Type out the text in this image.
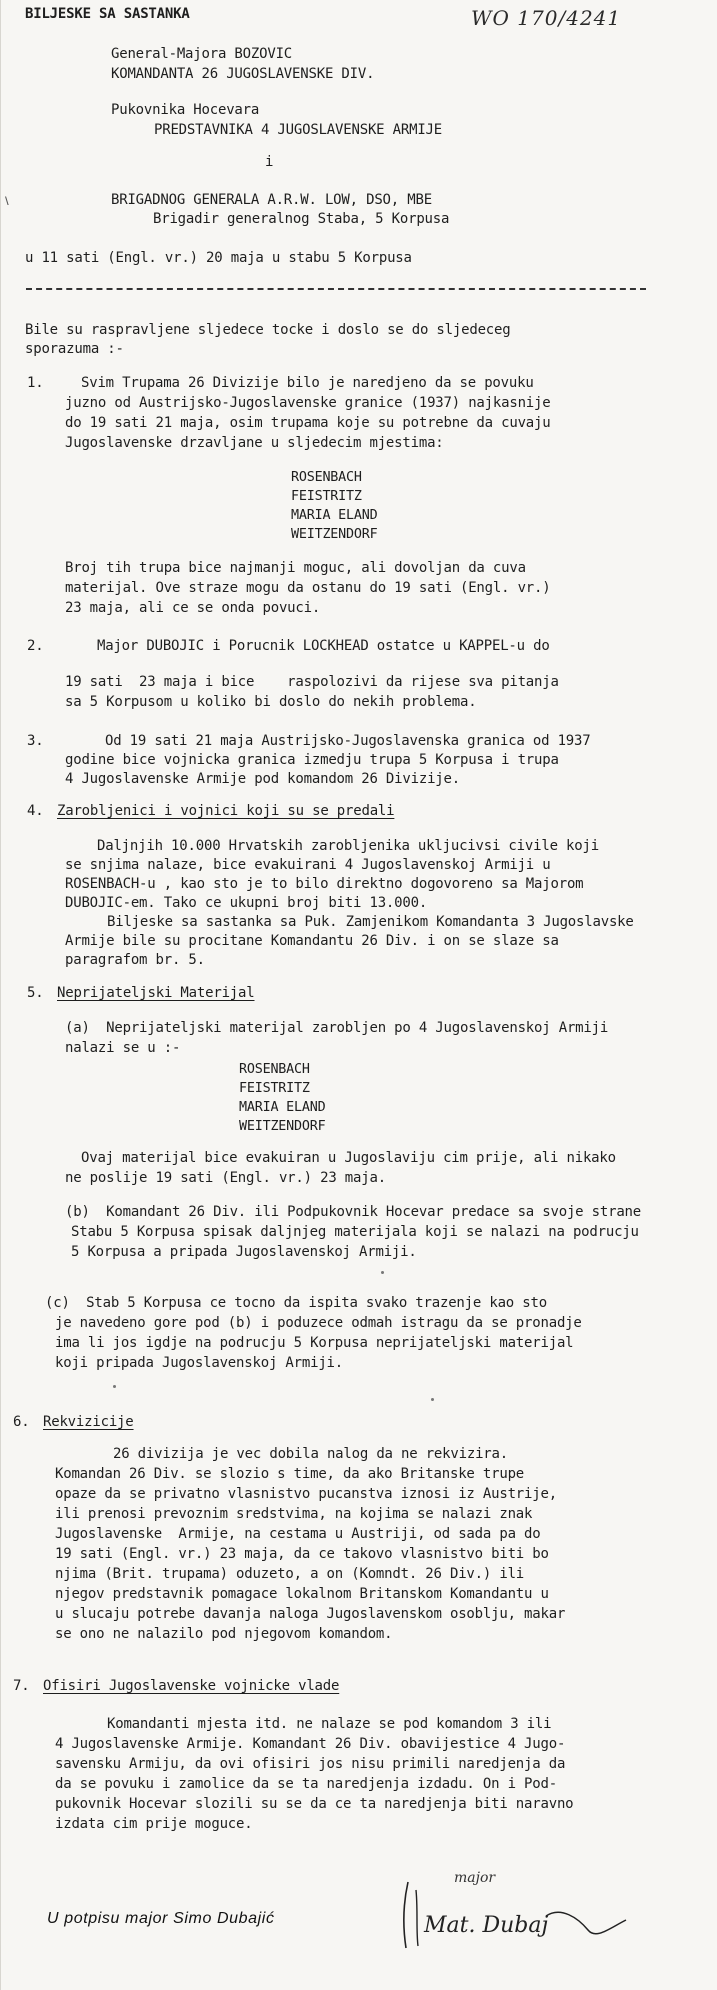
BILJESKE SA SASTANKA	WO 170/4241
\
General-Majora BOZOVIC
KOMANDANTA 26 JUGOSLAVENSKE DIV.
Pukovnika Hocevara
PREDSTAVNIKA 4 JUGOSLAVENSKE ARMIJE
i
BRIGADNOG GENERALA A.R.W. LOW, DSO, MBE
Brigadir generalnog Staba, 5 Korpusa
u 11 sati (Engl. vr.) 20 maja u stabu 5 Korpusa
Bile su raspravljene sljedece tocke i doslo se do sljedeceg
sporazuma :-
1.	Svim Trupama 26 Divizije bilo je naredjeno da se povuku
juzno od Austrijsko-Jugoslavenske granice (1937) najkasnije
do 19 sati 21 maja, osim trupama koje su potrebne da cuvaju
Jugoslavenske drzavljane u sljedecim mjestima:
ROSENBACH
FEISTRITZ
MARIA ELAND
WEITZENDORF
Broj tih trupa bice najmanji moguc, ali dovoljan da cuva
materijal. Ove straze mogu da ostanu do 19 sati (Engl. vr.)
23 maja, ali ce se onda povuci.
2.	Major DUBOJIC i Porucnik LOCKHEAD ostatce u KAPPEL-u do
19 sati  23 maja i bice    raspolozivi da rijese sva pitanja
sa 5 Korpusom u koliko bi doslo do nekih problema.
3.	Od 19 sati 21 maja Austrijsko-Jugoslavenska granica od 1937
godine bice vojnicka granica izmedju trupa 5 Korpusa i trupa
4 Jugoslavenske Armije pod komandom 26 Divizije.
4. Zarobljenici i vojnici koji su se predali
Daljnjih 10.000 Hrvatskih zarobljenika ukljucivsi civile koji
se snjima nalaze, bice evakuirani 4 Jugoslavenskoj Armiji u
ROSENBACH-u , kao sto je to bilo direktno dogovoreno sa Majorom
DUBOJIC-em. Tako ce ukupni broj biti 13.000.
Biljeske sa sastanka sa Puk. Zamjenikom Komandanta 3 Jugoslavske
Armije bile su procitane Komandantu 26 Div. i on se slaze sa
paragrafom br. 5.
5. Neprijateljski Materijal
(a)  Neprijateljski materijal zarobljen po 4 Jugoslavenskoj Armiji
nalazi se u :-
ROSENBACH
FEISTRITZ
MARIA ELAND
WEITZENDORF
Ovaj materijal bice evakuiran u Jugoslaviju cim prije, ali nikako
ne poslije 19 sati (Engl. vr.) 23 maja.
(b)  Komandant 26 Div. ili Podpukovnik Hocevar predace sa svoje strane
Stabu 5 Korpusa spisak daljnjeg materijala koji se nalazi na podrucju
5 Korpusa a pripada Jugoslavenskoj Armiji.
(c)  Stab 5 Korpusa ce tocno da ispita svako trazenje kao sto
je navedeno gore pod (b) i poduzece odmah istragu da se pronadje
ima li jos igdje na podrucju 5 Korpusa neprijateljski materijal
koji pripada Jugoslavenskoj Armiji.
6. Rekvizicije
26 divizija je vec dobila nalog da ne rekvizira.
Komandan 26 Div. se slozio s time, da ako Britanske trupe
opaze da se privatno vlasnistvo pucanstva iznosi iz Austrije,
ili prenosi prevoznim sredstvima, na kojima se nalazi znak
Jugoslavenske  Armije, na cestama u Austriji, od sada pa do
19 sati (Engl. vr.) 23 maja, da ce takovo vlasnistvo biti bo
njima (Brit. trupama) oduzeto, a on (Komndt. 26 Div.) ili
njegov predstavnik pomagace lokalnom Britanskom Komandantu u
u slucaju potrebe davanja naloga Jugoslavenskom osoblju, makar
se ono ne nalazilo pod njegovom komandom.
7. Ofisiri Jugoslavenske vojnicke vlade
Komandanti mjesta itd. ne nalaze se pod komandom 3 ili
4 Jugoslavenske Armije. Komandant 26 Div. obavijestice 4 Jugo-
savensku Armiju, da ovi ofisiri jos nisu primili naredjenja da
da se povuku i zamolice da se ta naredjenja izdadu. On i Pod-
pukovnik Hocevar slozili su se da ce ta naredjenja biti naravno
izdata cim prije moguce.
U potpisu major Simo Dubajić
major
Mat. Dubaj
